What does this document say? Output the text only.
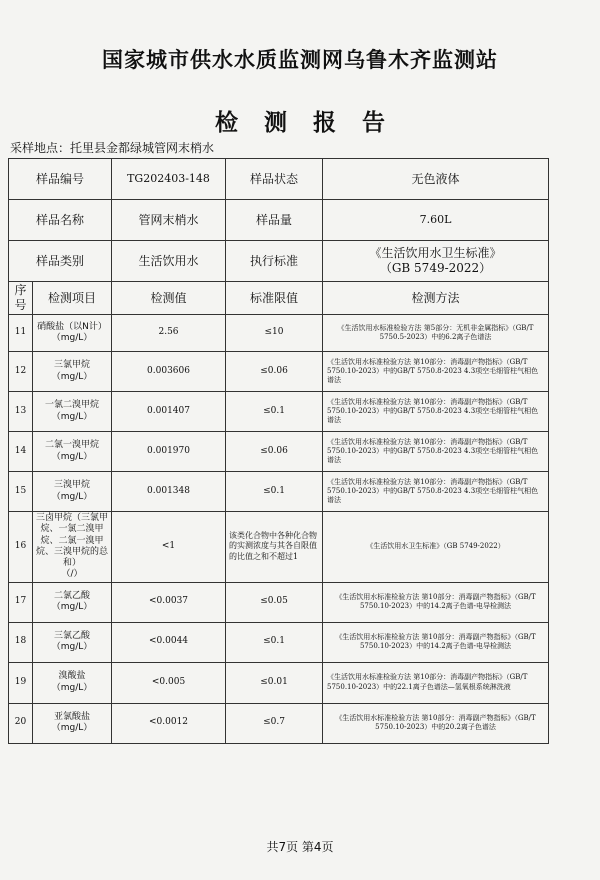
国家城市供水水质监测网乌鲁木齐监测站
检测报告
采样地点：托里县金都绿城管网末梢水
样品编号		TG202403-148	样品状态	无色液体
样品名称		管网末梢水	样品量	7.60L
样品类别		生活饮用水	执行标准	《生活饮用水卫生标准》
（GB 5749-2022）

序号	检测项目	检测值	标准限值	检测方法
11	硝酸盐（以N计）
（mg/L）	2.56	≤10	《生活饮用水标准检验方法 第5部分：无机非金属指标》（GB/T 5750.5-2023）中的6.2离子色谱法
12	三氯甲烷
（mg/L）	0.003606	≤0.06	《生活饮用水标准检验方法 第10部分：消毒副产物指标》（GB/T 5750.10-2023）中的GB/T 5750.8-2023 4.3项空毛细管柱气相色谱法
13	一氯二溴甲烷
（mg/L）	0.001407	≤0.1	《生活饮用水标准检验方法 第10部分：消毒副产物指标》（GB/T 5750.10-2023）中的GB/T 5750.8-2023 4.3项空毛细管柱气相色谱法
14	二氯一溴甲烷
（mg/L）	0.001970	≤0.06	《生活饮用水标准检验方法 第10部分：消毒副产物指标》（GB/T 5750.10-2023）中的GB/T 5750.8-2023 4.3项空毛细管柱气相色谱法
15	三溴甲烷
（mg/L）	0.001348	≤0.1	《生活饮用水标准检验方法 第10部分：消毒副产物指标》（GB/T 5750.10-2023）中的GB/T 5750.8-2023 4.3项空毛细管柱气相色谱法
16	三卤甲烷（三氯甲烷、一氯二溴甲烷、二氯一溴甲烷、三溴甲烷的总和）
（/）	<1	该类化合物中各种化合物的实测浓度与其各自限值的比值之和不超过1	《生活饮用水卫生标准》（GB 5749-2022）
17	二氯乙酸
（mg/L）	<0.0037	≤0.05	《生活饮用水标准检验方法 第10部分：消毒副产物指标》（GB/T 5750.10-2023）中的14.2离子色谱-电导检测法
18	三氯乙酸
（mg/L）	<0.0044	≤0.1	《生活饮用水标准检验方法 第10部分：消毒副产物指标》（GB/T 5750.10-2023）中的14.2离子色谱-电导检测法
19	溴酸盐
（mg/L）	<0.005	≤0.01	《生活饮用水标准检验方法 第10部分：消毒副产物指标》（GB/T 5750.10-2023）中的22.1离子色谱法—氢氧根系统淋洗液
20	亚氯酸盐
（mg/L）	<0.0012	≤0.7	《生活饮用水标准检验方法 第10部分：消毒副产物指标》（GB/T 5750.10-2023）中的20.2离子色谱法
共7页 第4页
